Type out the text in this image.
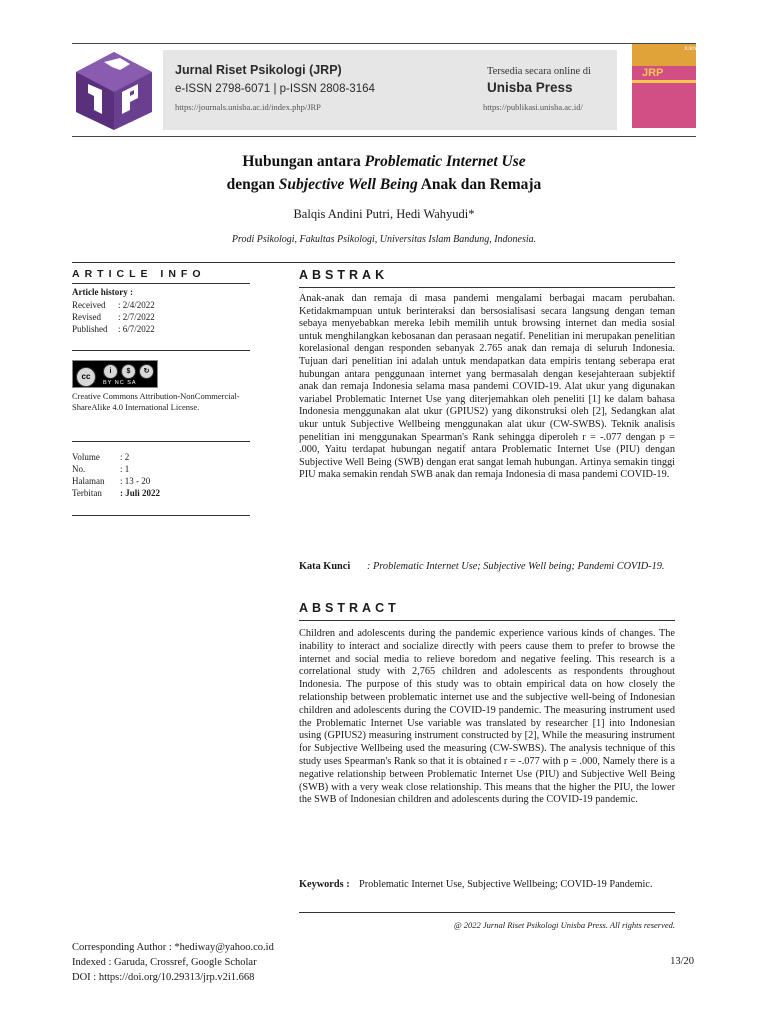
Jurnal Riset Psikologi (JRP)
e-ISSN 2798-6071 | p-ISSN 2808-3164
https://journals.unisba.ac.id/index.php/JRP
Tersedia secara online di
Unisba Press
https://publikasi.unisba.ac.id/
JURNAL
JRP
Hubungan antara Problematic Internet Use
dengan Subjective Well Being Anak dan Remaja
Balqis Andini Putri, Hedi Wahyudi*
Prodi Psikologi, Fakultas Psikologi, Universitas Islam Bandung, Indonesia.
ARTICLE INFO
Article history :
Received : 2/4/2022
Revised : 2/7/2022
Published : 6/7/2022
cc
i	$	↻
BY NC SA
Creative Commons Attribution-NonCommercial-ShareAlike 4.0 International License.
Volume : 2
No.	: 1
Halaman : 13 - 20
Terbitan : Juli 2022
ABSTRAK
Anak-anak dan remaja di masa pandemi mengalami berbagai macam perubahan. Ketidakmampuan untuk berinteraksi dan bersosialisasi secara langsung dengan teman sebaya menyebabkan mereka lebih memilih untuk browsing internet dan media sosial untuk menghilangkan kebosanan dan perasaan negatif. Penelitian ini merupakan penelitian korelasional dengan responden sebanyak 2.765 anak dan remaja di seluruh Indonesia. Tujuan dari penelitian ini adalah untuk mendapatkan data empiris tentang seberapa erat hubungan antara penggunaan internet yang bermasalah dengan kesejahteraan subjektif anak dan remaja Indonesia selama masa pandemi COVID-19. Alat ukur yang digunakan variabel Problematic Internet Use yang diterjemahkan oleh peneliti [1] ke dalam bahasa Indonesia menggunakan alat ukur (GPIUS2) yang dikonstruksi oleh [2], Sedangkan alat ukur untuk Subjective Wellbeing menggunakan alat ukur (CW-SWBS). Teknik analisis penelitian ini menggunakan Spearman's Rank sehingga diperoleh r = -.077 dengan p = .000, Yaitu terdapat hubungan negatif antara Problematic Internet Use (PIU) dengan Subjective Well Being (SWB) dengan erat sangat lemah hubungan. Artinya semakin tinggi PIU maka semakin rendah SWB anak dan remaja Indonesia di masa pandemi COVID-19.
Kata Kunci : Problematic Internet Use; Subjective Well being; Pandemi COVID-19.
ABSTRACT
Children and adolescents during the pandemic experience various kinds of changes. The inability to interact and socialize directly with peers cause them to prefer to browse the internet and social media to relieve boredom and negative feeling. This research is a correlational study with 2,765 children and adolescents as respondents throughout Indonesia. The purpose of this study was to obtain empirical data on how closely the relationship between problematic internet use and the subjective well-being of Indonesian children and adolescents during the COVID-19 pandemic. The measuring instrument used the Problematic Internet Use variable was translated by researcher [1] into Indonesian using (GPIUS2) measuring instrument constructed by [2], While the measuring instrument for Subjective Wellbeing used the measuring (CW-SWBS). The analysis technique of this study uses Spearman's Rank so that it is obtained r = -.077 with p = .000, Namely there is a negative relationship between Problematic Internet Use (PIU) and Subjective Well Being (SWB) with a very weak close relationship. This means that the higher the PIU, the lower the SWB of Indonesian children and adolescents during the COVID-19 pandemic.
Keywords : Problematic Internet Use, Subjective Wellbeing; COVID-19 Pandemic.
@ 2022 Jurnal Riset Psikologi Unisba Press. All rights reserved.
Corresponding Author : *hediway@yahoo.co.id
Indexed : Garuda, Crossref, Google Scholar
DOI : https://doi.org/10.29313/jrp.v2i1.668
13/20
